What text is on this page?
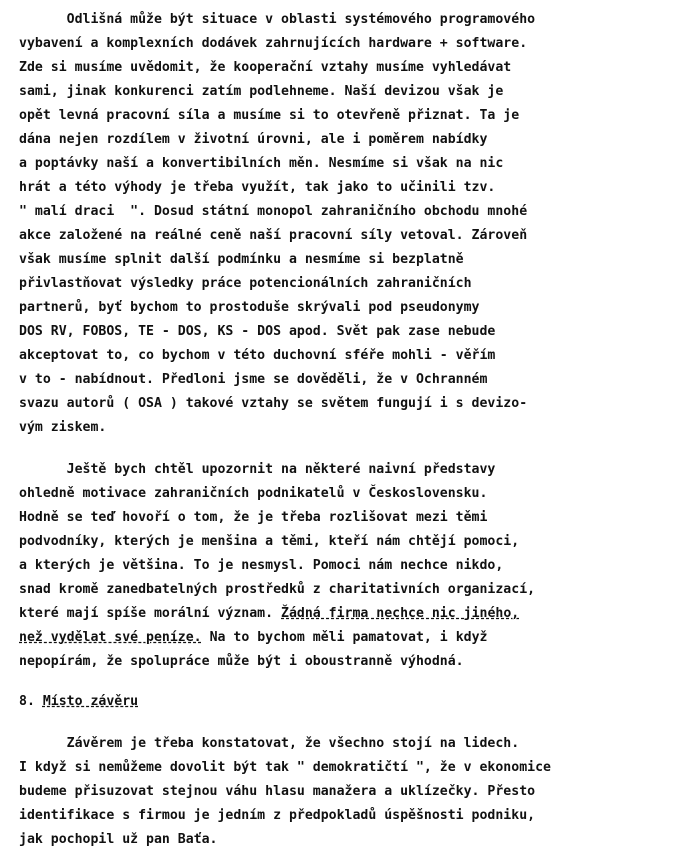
Odlišná může být situace v oblasti systémového programového
vybavení a komplexních dodávek zahrnujících hardware + software.
Zde si musíme uvědomit, že kooperační vztahy musíme vyhledávat
sami, jinak konkurenci zatím podlehneme. Naší devizou však je
opět levná pracovní síla a musíme si to otevřeně přiznat. Ta je
dána nejen rozdílem v životní úrovni, ale i poměrem nabídky
a poptávky naší a konvertibilních měn. Nesmíme si však na nic
hrát a této výhody je třeba využít, tak jako to učinili tzv.
" malí draci  ". Dosud státní monopol zahraničního obchodu mnohé
akce založené na reálné ceně naší pracovní síly vetoval. Zároveň
však musíme splnit další podmínku a nesmíme si bezplatně
přivlastňovat výsledky práce potencionálních zahraničních
partnerů, byť bychom to prostoduše skrývali pod pseudonymy
DOS RV, FOBOS, TE - DOS, KS - DOS apod. Svět pak zase nebude
akceptovat to, co bychom v této duchovní sféře mohli - věřím
v to - nabídnout. Předloni jsme se dověděli, že v Ochranném
svazu autorů ( OSA ) takové vztahy se světem fungují i s devizo-
vým ziskem.
Ještě bych chtěl upozornit na některé naivní představy
ohledně motivace zahraničních podnikatelů v Československu.
Hodně se teď hovoří o tom, že je třeba rozlišovat mezi těmi
podvodníky, kterých je menšina a těmi, kteří nám chtějí pomoci,
a kterých je většina. To je nesmysl. Pomoci nám nechce nikdo,
snad kromě zanedbatelných prostředků z charitativních organizací,
které mají spíše morální význam. Žádná firma nechce nic jiného,
než vydělat své peníze. Na to bychom měli pamatovat, i když
nepopírám, že spolupráce může být i oboustranně výhodná.
8. Místo závěru
Závěrem je třeba konstatovat, že všechno stojí na lidech.
I když si nemůžeme dovolit být tak " demokratičtí ", že v ekonomice
budeme přisuzovat stejnou váhu hlasu manažera a uklízečky. Přesto
identifikace s firmou je jedním z předpokladů úspěšnosti podniku,
jak pochopil už pan Baťa.
